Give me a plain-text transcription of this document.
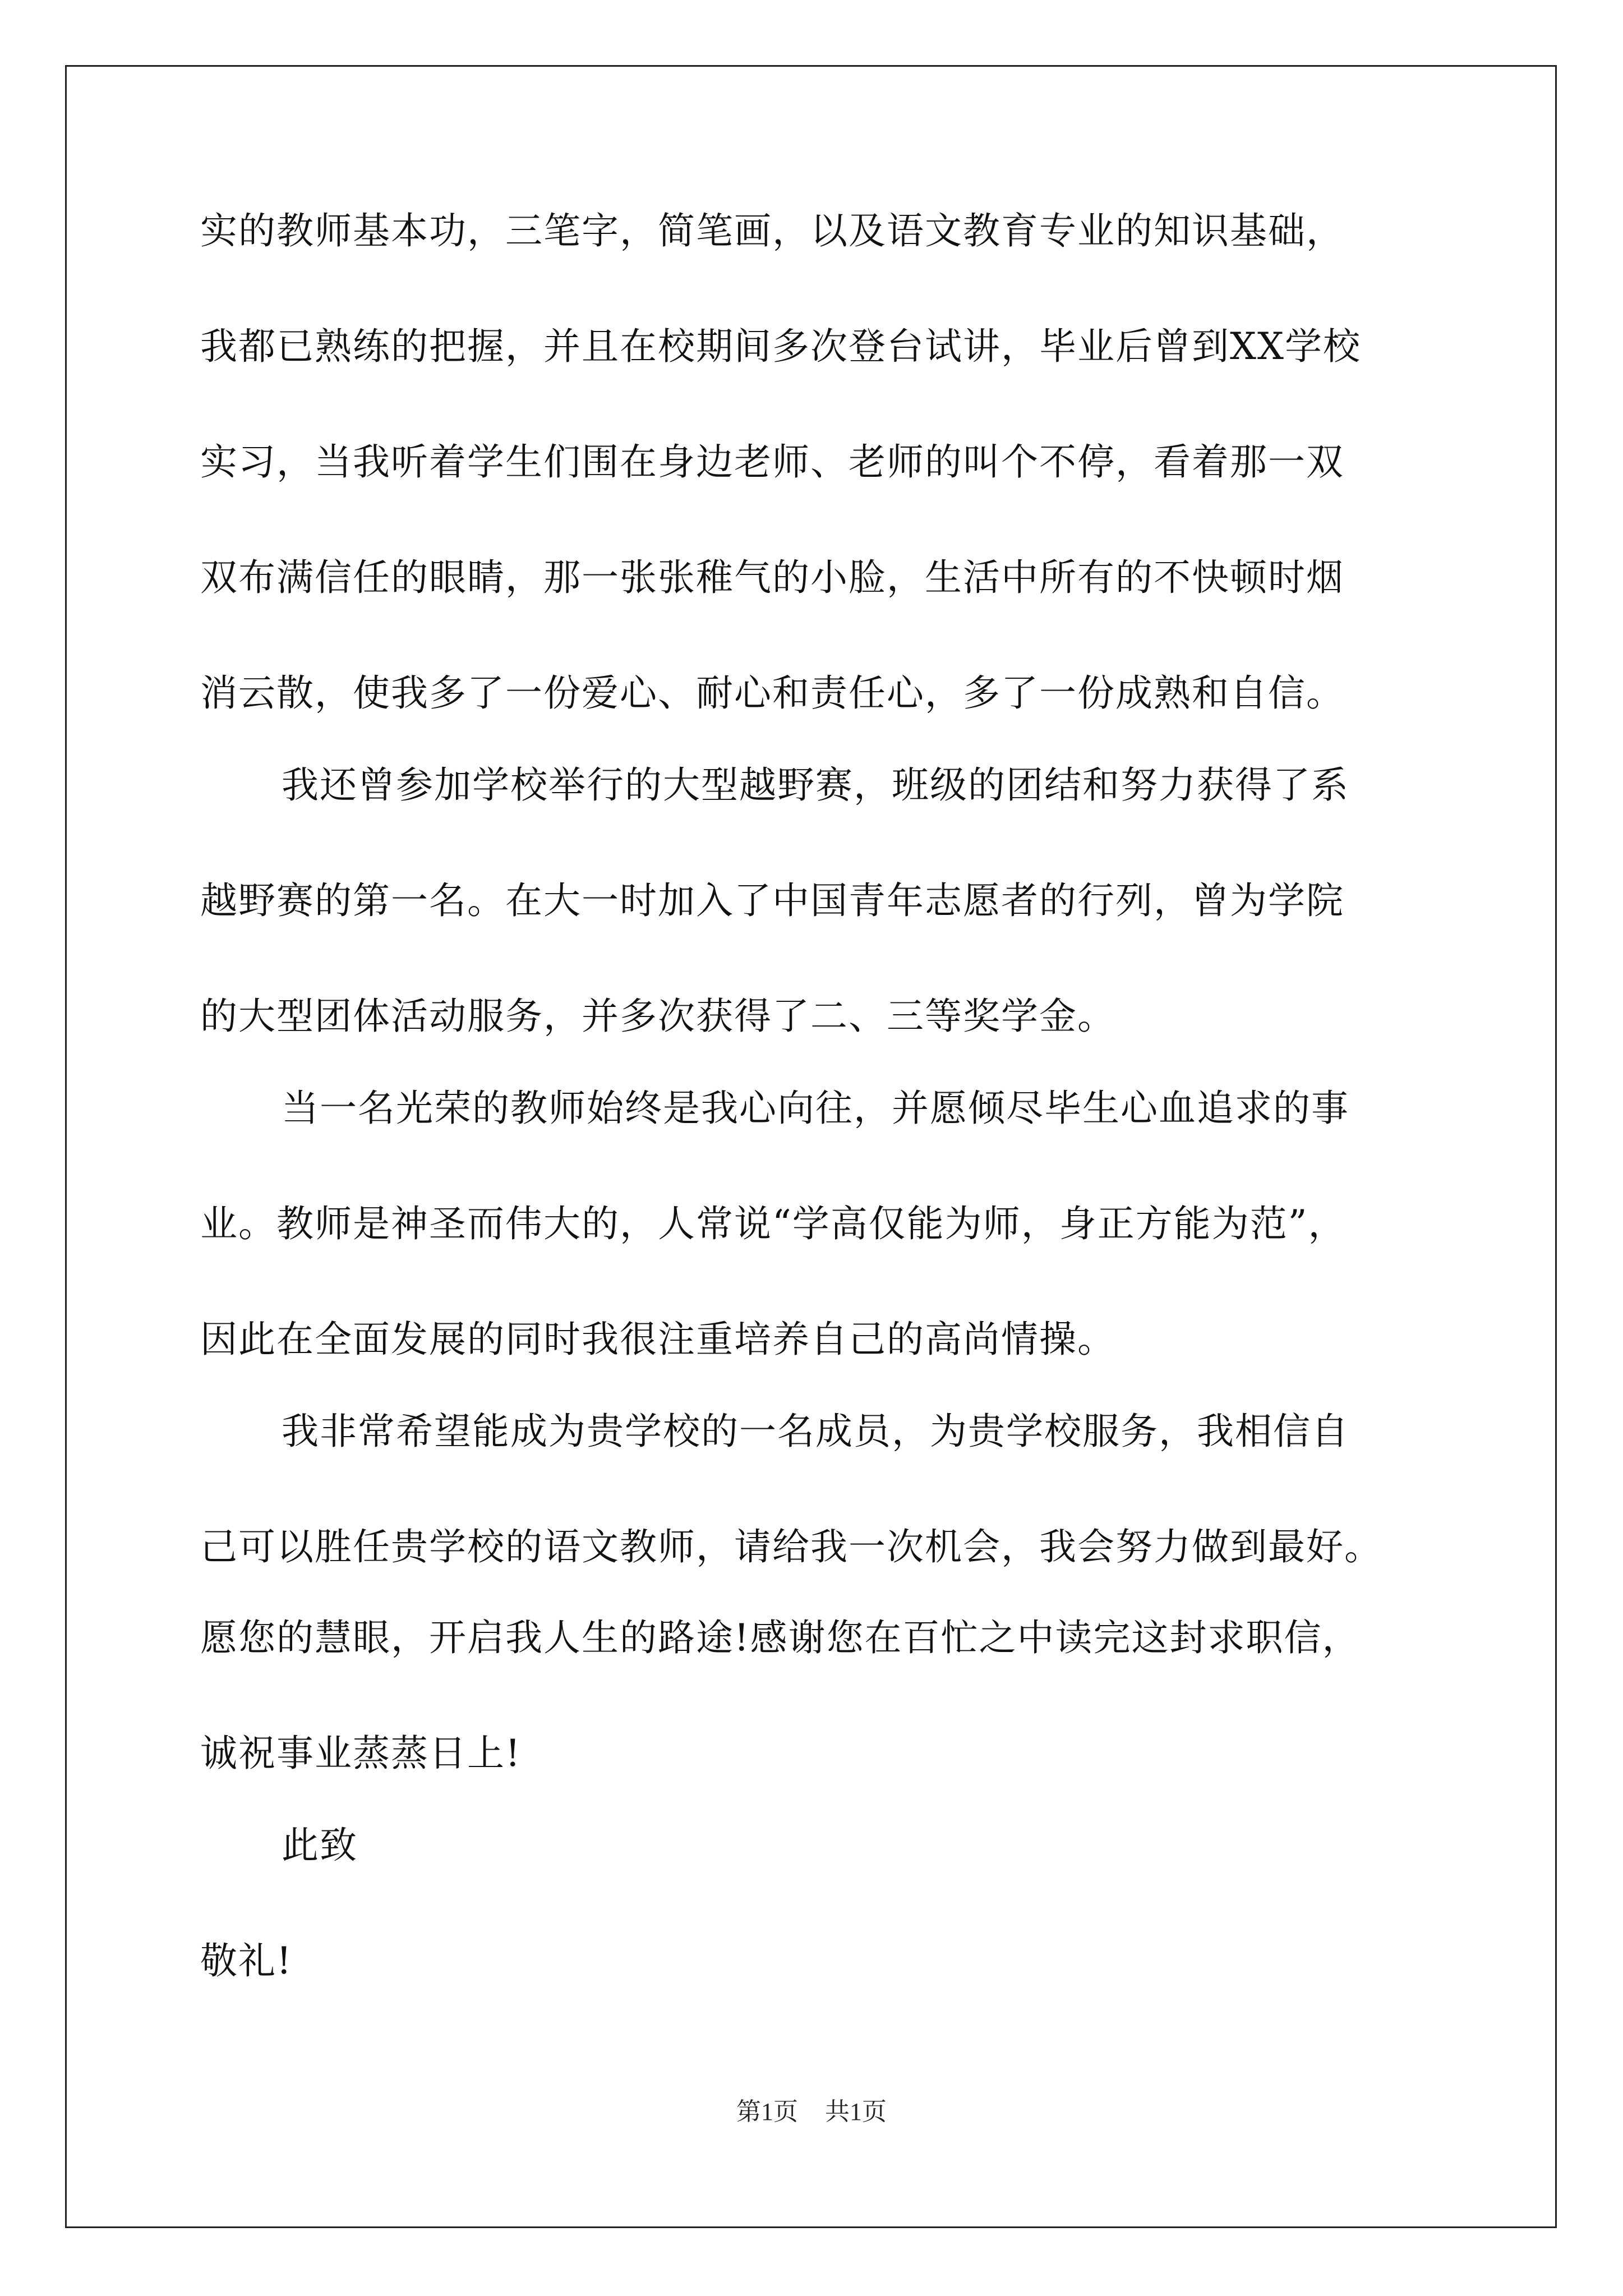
实的教师基本功，三笔字，简笔画，以及语文教育专业的知识基础，
我都已熟练的把握，并且在校期间多次登台试讲，毕业后曾到XX学校
实习，当我听着学生们围在身边老师、老师的叫个不停，看着那一双
双布满信任的眼睛，那一张张稚气的小脸，生活中所有的不快顿时烟
消云散，使我多了一份爱心、耐心和责任心，多了一份成熟和自信。
我还曾参加学校举行的大型越野赛，班级的团结和努力获得了系
越野赛的第一名。在大一时加入了中国青年志愿者的行列，曾为学院
的大型团体活动服务，并多次获得了二、三等奖学金。
当一名光荣的教师始终是我心向往，并愿倾尽毕生心血追求的事
业。教师是神圣而伟大的，人常说“学高仅能为师，身正方能为范”，
因此在全面发展的同时我很注重培养自己的高尚情操。
我非常希望能成为贵学校的一名成员，为贵学校服务，我相信自
己可以胜任贵学校的语文教师，请给我一次机会，我会努力做到最好。
愿您的慧眼，开启我人生的路途!感谢您在百忙之中读完这封求职信，
诚祝事业蒸蒸日上!
此致
敬礼!
第1页 共1页
